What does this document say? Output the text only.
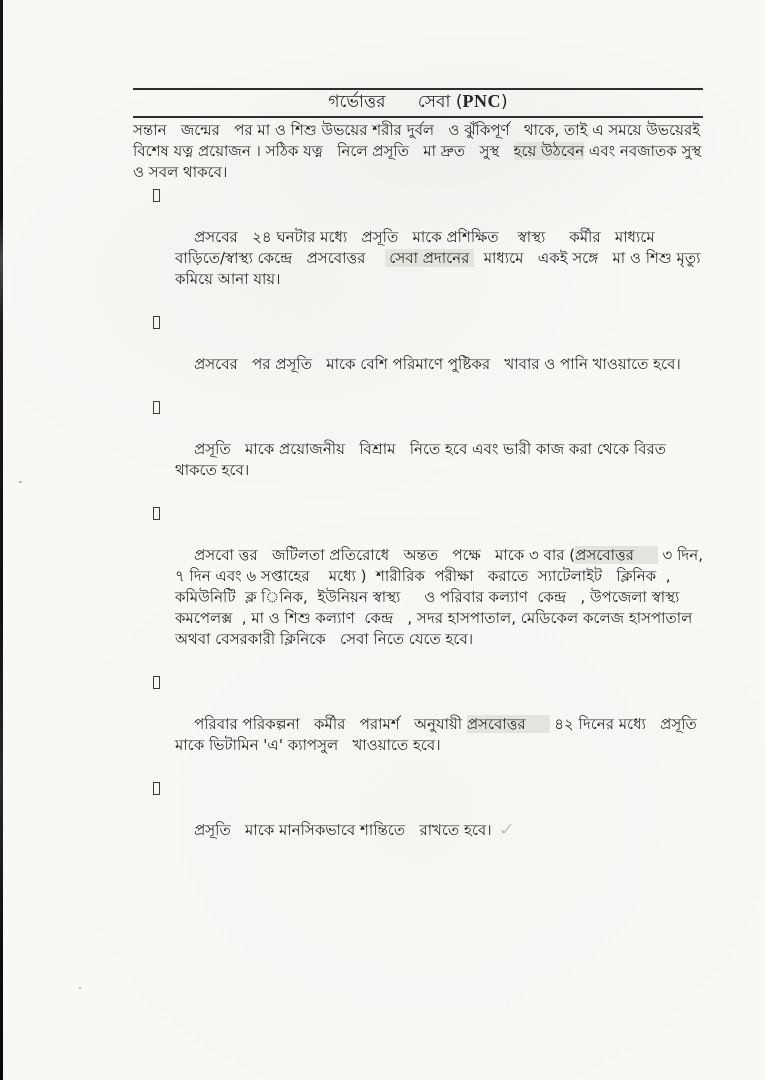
গর্ভোত্তর      সেবা (PNC)
সন্তান   জন্মের   পর মা ও শিশু উভয়ের শরীর দুর্বল   ও ঝুঁকিপূর্ণ   থাকে, তাই এ সময়ে উভয়েরই বিশেষ যত্ন প্রয়োজন । সঠিক যত্ন   নিলে প্রসূতি   মা দ্রুত   সুস্থ   হয়ে উঠবেন এবং নবজাতক সুস্থ   ও সবল থাকবে।

প্রসবের   ২৪ ঘনটার মধ্যে   প্রসূতি   মাকে প্রশিক্ষিত    স্বাস্থ্য     কর্মীর   মাধ্যমে   বাড়িতে/স্বাস্থ্য কেন্দ্রে   প্রসবোত্তর     সেবা প্রদানের   মাধ্যমে   একই সঙ্গে   মা ও শিশু মৃত্যু   কমিয়ে আনা যায়।

প্রসবের   পর প্রসূতি   মাকে বেশি পরিমাণে পুষ্টিকর   খাবার ও পানি খাওয়াতে হবে।

প্রসূতি   মাকে প্রয়োজনীয়   বিশ্রাম   নিতে হবে এবং ভারী কাজ করা থেকে বিরত থাকতে হবে।

প্রসবো ত্তর   জটিলতা প্রতিরোধে   অন্তত   পক্ষে   মাকে ৩ বার (প্রসবোত্তর      ৩ দিন, ৭ দিন এবং ৬ সপ্তাহের    মধ্যে )  শারীরিক  পরীক্ষা   করাতে  স্যাটেলাইট   ক্লিনিক  ,  কমিউনিটি  ক্ল িনিক,  ইউনিয়ন স্বাস্থ্য     ও পরিবার কল্যাণ  কেন্দ্র   , উপজেলা স্বাস্থ্য     কমপেলক্স  , মা ও শিশু কল্যাণ  কেন্দ্র   , সদর হাসপাতাল, মেডিকেল কলেজ হাসপাতাল অথবা বেসরকারী ক্লিনিকে   সেবা নিতে যেতে হবে।

পরিবার পরিকল্পনা   কর্মীর   পরামর্শ   অনুযায়ী প্রসবোত্তর      ৪২ দিনের মধ্যে   প্রসূতি   মাকে ভিটামিন 'এ' ক্যাপসুল   খাওয়াতে হবে।

প্রসূতি   মাকে মানসিকভাবে শান্তিতে   রাখতে হবে। ✓
